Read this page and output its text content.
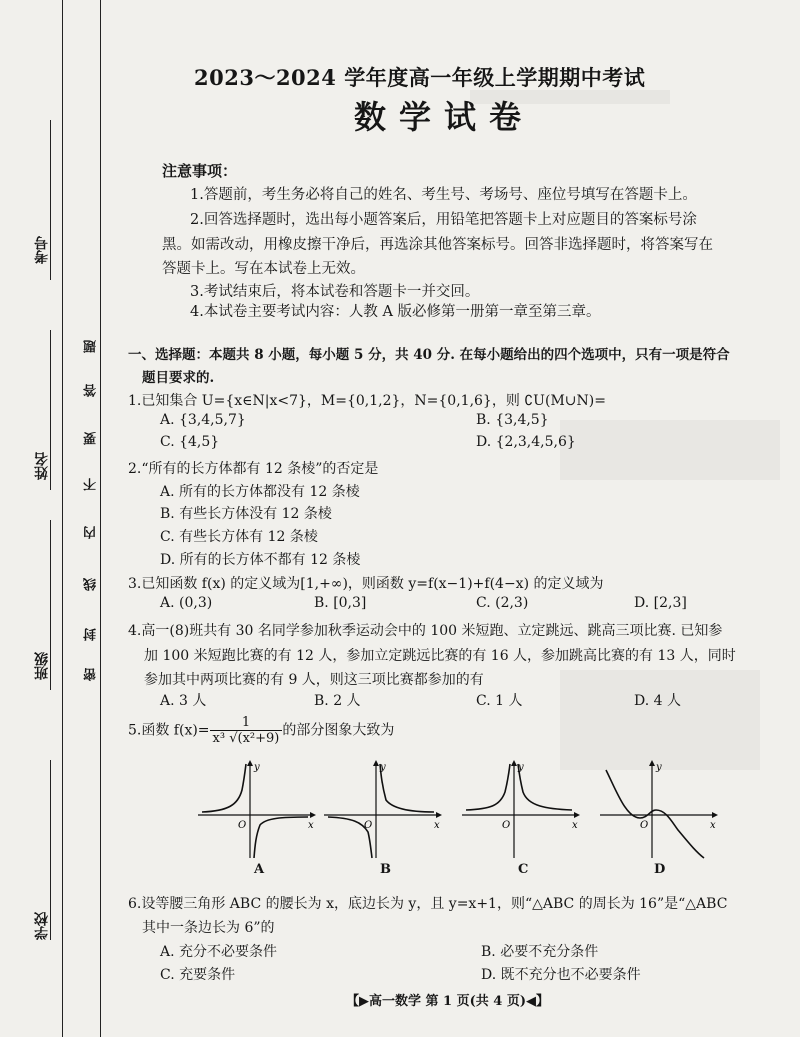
考号
姓名
班级
学校
题
答
要
不
内
线
封
密
2023～2024 学年度高一年级上学期期中考试
数学试卷
注意事项：
1.答题前，考生务必将自己的姓名、考生号、考场号、座位号填写在答题卡上。
2.回答选择题时，选出每小题答案后，用铅笔把答题卡上对应题目的答案标号涂
黑。如需改动，用橡皮擦干净后，再选涂其他答案标号。回答非选择题时，将答案写在
答题卡上。写在本试卷上无效。
3.考试结束后，将本试卷和答题卡一并交回。
4.本试卷主要考试内容：人教 A 版必修第一册第一章至第三章。
一、选择题：本题共 8 小题，每小题 5 分，共 40 分. 在每小题给出的四个选项中，只有一项是符合
题目要求的.
1.已知集合 U={x∈N|x<7}，M={0,1,2}，N={0,1,6}，则 ∁U(M∪N)=
A. {3,4,5,7}	B. {3,4,5}
C. {4,5}	D. {2,3,4,5,6}
2.“所有的长方体都有 12 条棱”的否定是
A. 所有的长方体都没有 12 条棱
B. 有些长方体没有 12 条棱
C. 有些长方体有 12 条棱
D. 所有的长方体不都有 12 条棱
3.已知函数 f(x) 的定义域为[1,+∞)，则函数 y=f(x−1)+f(4−x) 的定义域为
A. (0,3)	B. [0,3]	C. (2,3)	D. [2,3]
4.高一(8)班共有 30 名同学参加秋季运动会中的 100 米短跑、立定跳远、跳高三项比赛. 已知参
加 100 米短跑比赛的有 12 人，参加立定跳远比赛的有 16 人，参加跳高比赛的有 13 人，同时
参加其中两项比赛的有 9 人，则这三项比赛都参加的有
A. 3 人	B. 2 人	C. 1 人	D. 4 人
5.函数 $f(x)= \frac{1}{\text{x³ √(x²+9)}}$ 的部分图象大致为
y
x
O
A
y
x
O
B
y
x
O
C
y
x
O
D
6.设等腰三角形 ABC 的腰长为 x，底边长为 y，且 y=x+1，则“△ABC 的周长为 16”是“△ABC
其中一条边长为 6”的
A. 充分不必要条件	B. 必要不充分条件
C. 充要条件	D. 既不充分也不必要条件
【▶高一数学 第 1 页(共 4 页)◀】
